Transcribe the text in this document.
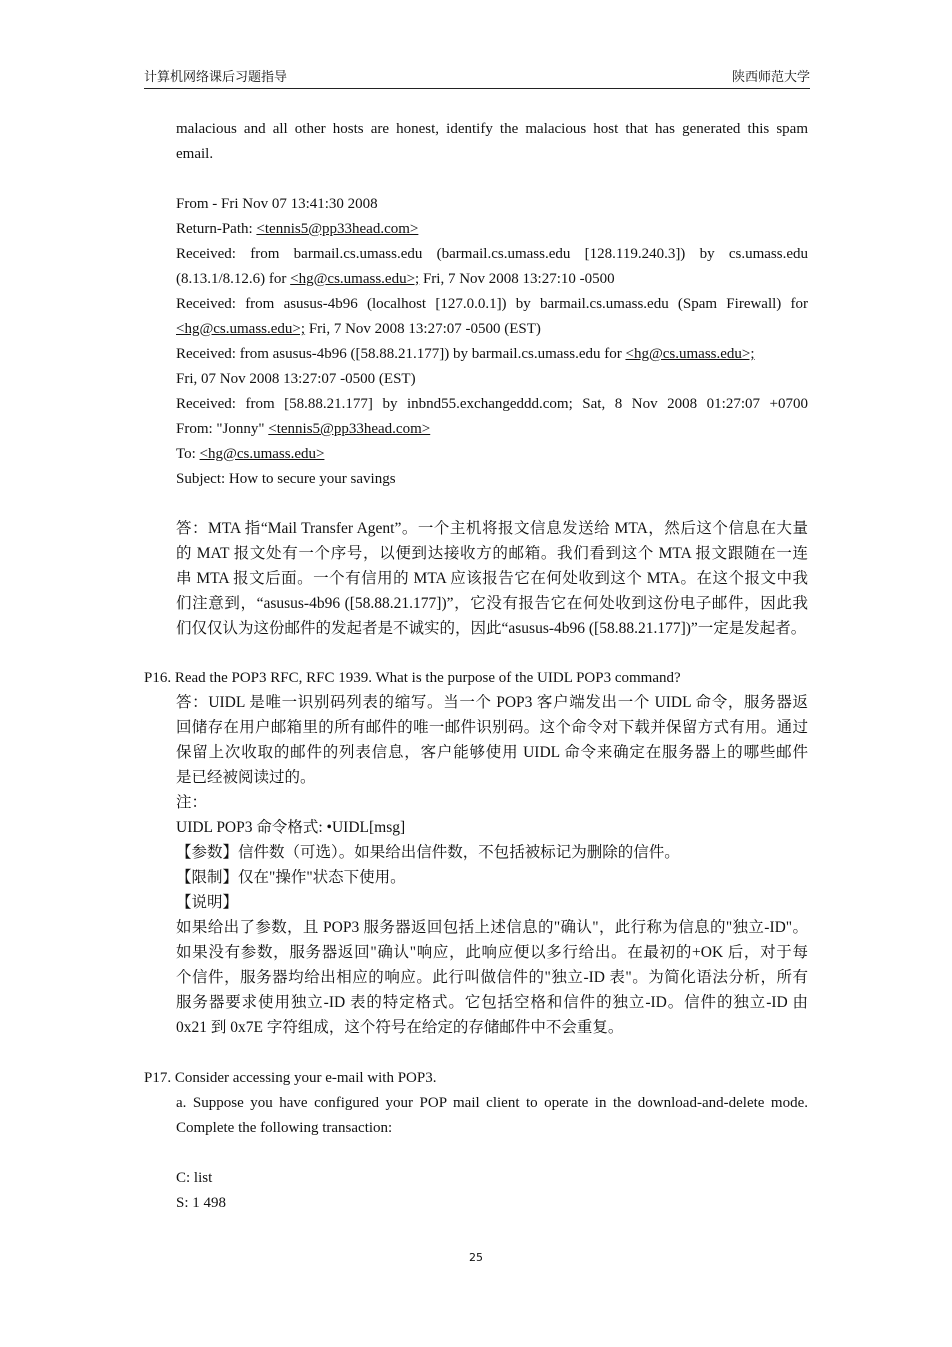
计算机网络课后习题指导	陕西师范大学
malacious and all other hosts are honest, identify the malacious host that has generated this spam
email.
From - Fri Nov 07 13:41:30 2008
Return-Path: <tennis5@pp33head.com>
Received: from barmail.cs.umass.edu (barmail.cs.umass.edu [128.119.240.3]) by cs.umass.edu
(8.13.1/8.12.6) for <hg@cs.umass.edu>; Fri, 7 Nov 2008 13:27:10 -0500
Received: from asusus-4b96 (localhost [127.0.0.1]) by barmail.cs.umass.edu (Spam Firewall) for
<hg@cs.umass.edu>; Fri, 7 Nov 2008 13:27:07 -0500 (EST)
Received: from asusus-4b96 ([58.88.21.177]) by barmail.cs.umass.edu for <hg@cs.umass.edu>;
Fri, 07 Nov 2008 13:27:07 -0500 (EST)
Received: from [58.88.21.177] by inbnd55.exchangeddd.com; Sat, 8 Nov 2008 01:27:07 +0700
From: "Jonny" <tennis5@pp33head.com>
To: <hg@cs.umass.edu>
Subject: How to secure your savings
答：MTA 指“Mail Transfer Agent”。一个主机将报文信息发送给 MTA，然后这个信息在大量
的 MAT 报文处有一个序号，以便到达接收方的邮箱。我们看到这个 MTA 报文跟随在一连
串 MTA 报文后面。一个有信用的 MTA 应该报告它在何处收到这个 MTA。在这个报文中我
们注意到，“asusus-4b96 ([58.88.21.177])”，它没有报告它在何处收到这份电子邮件，因此我
们仅仅认为这份邮件的发起者是不诚实的，因此“asusus-4b96 ([58.88.21.177])”一定是发起者。
P16. Read the POP3 RFC, RFC 1939. What is the purpose of the UIDL POP3 command?
答：UIDL 是唯一识别码列表的缩写。当一个 POP3 客户端发出一个 UIDL 命令，服务器返
回储存在用户邮箱里的所有邮件的唯一邮件识别码。这个命令对下载并保留方式有用。通过
保留上次收取的邮件的列表信息，客户能够使用 UIDL 命令来确定在服务器上的哪些邮件
是已经被阅读过的。
注：
UIDL POP3 命令格式: •UIDL[msg]
【参数】信件数（可选）。如果给出信件数，不包括被标记为删除的信件。
【限制】仅在"操作"状态下使用。
【说明】
如果给出了参数，且 POP3 服务器返回包括上述信息的"确认"，此行称为信息的"独立-ID"。
如果没有参数，服务器返回"确认"响应，此响应便以多行给出。在最初的+OK 后，对于每
个信件，服务器均给出相应的响应。此行叫做信件的"独立-ID 表"。为简化语法分析，所有
服务器要求使用独立-ID 表的特定格式。它包括空格和信件的独立-ID。信件的独立-ID 由
0x21 到 0x7E 字符组成，这个符号在给定的存储邮件中不会重复。
P17. Consider accessing your e-mail with POP3.
a. Suppose you have configured your POP mail client to operate in the download-and-delete mode.
Complete the following transaction:
C: list
S: 1 498
25
